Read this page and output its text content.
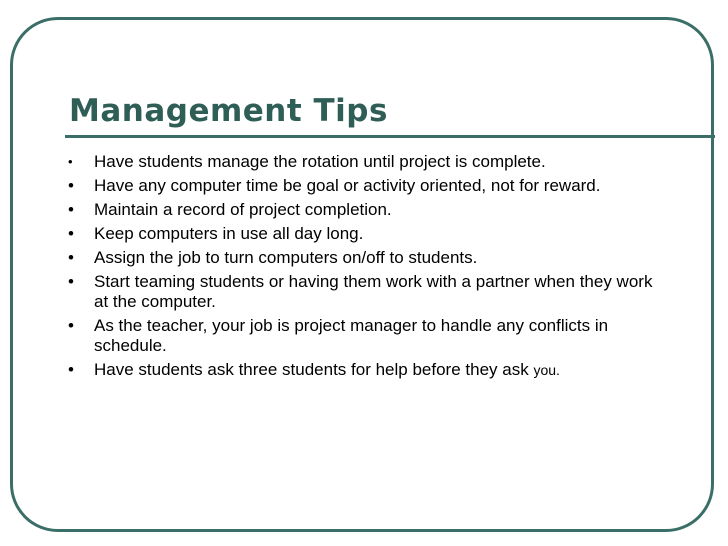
Management Tips
• Have students manage the rotation until project is complete.
• Have any computer time be goal or activity oriented, not for reward.
• Maintain a record of project completion.
• Keep computers in use all day long.
• Assign the job to turn computers on/off to students.
• Start teaming students or having them work with a partner when they work at the computer.
• As the teacher, your job is project manager to handle any conflicts in schedule.
• Have students ask three students for help before they ask you.
